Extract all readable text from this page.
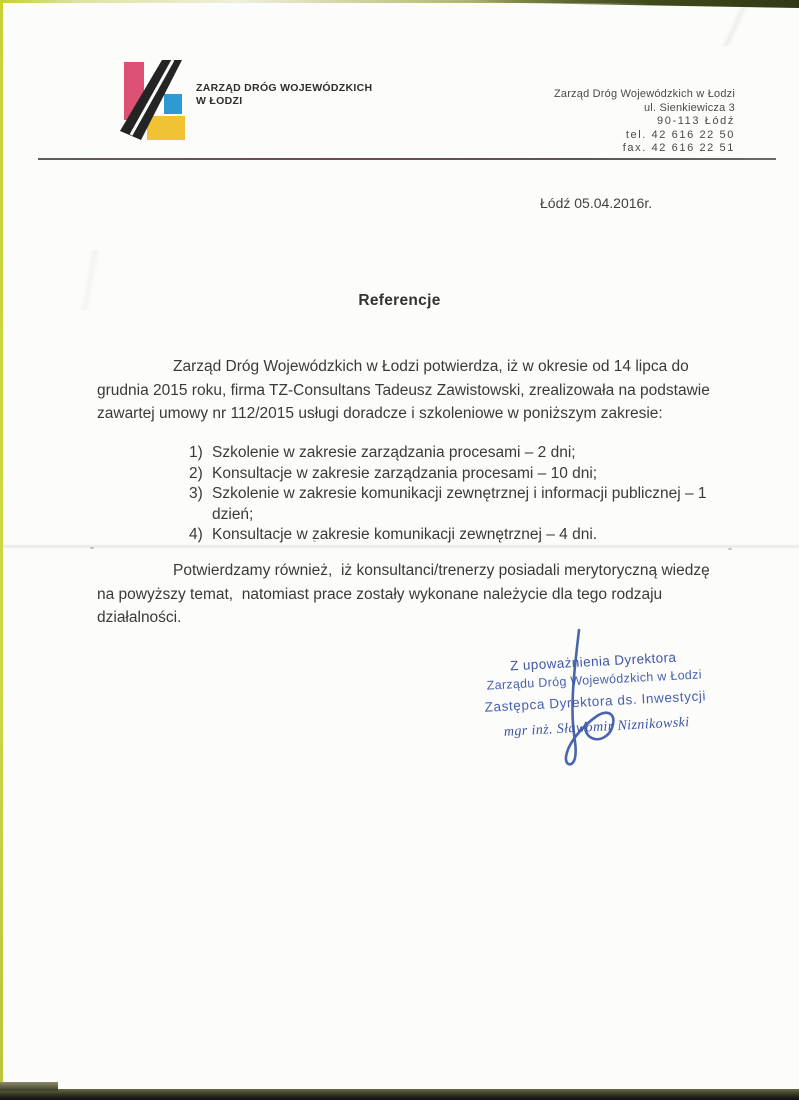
ZARZĄD DRÓG WOJEWÓDZKICH
W ŁODZI
Zarząd Dróg Wojewódzkich w Łodzi
ul. Sienkiewicza 3
90-113 Łódź
tel. 42 616 22 50
fax. 42 616 22 51
Łódź 05.04.2016r.
Referencje
Zarząd Dróg Wojewódzkich w Łodzi potwierdza, iż w okresie od 14 lipca do grudnia 2015 roku, firma TZ-Consultans Tadeusz Zawistowski, zrealizowała na podstawie zawartej umowy nr 112/2015 usługi doradcze i szkoleniowe w poniższym zakresie:
1) Szkolenie w zakresie zarządzania procesami – 2 dni;
2) Konsultacje w zakresie zarządzania procesami – 10 dni;
3) Szkolenie w zakresie komunikacji zewnętrznej i informacji publicznej – 1 dzień;
4) Konsultacje w zakresie komunikacji zewnętrznej – 4 dni.
Potwierdzamy również,  iż konsultanci/trenerzy posiadali merytoryczną wiedzę na powyższy temat,  natomiast prace zostały wykonane należycie dla tego rodzaju działalności.
Z upoważnienia Dyrektora
Zarządu Dróg Wojewódzkich w Łodzi
Zastępca Dyrektora ds. Inwestycji
mgr inż. Sławomir Niznikowski
